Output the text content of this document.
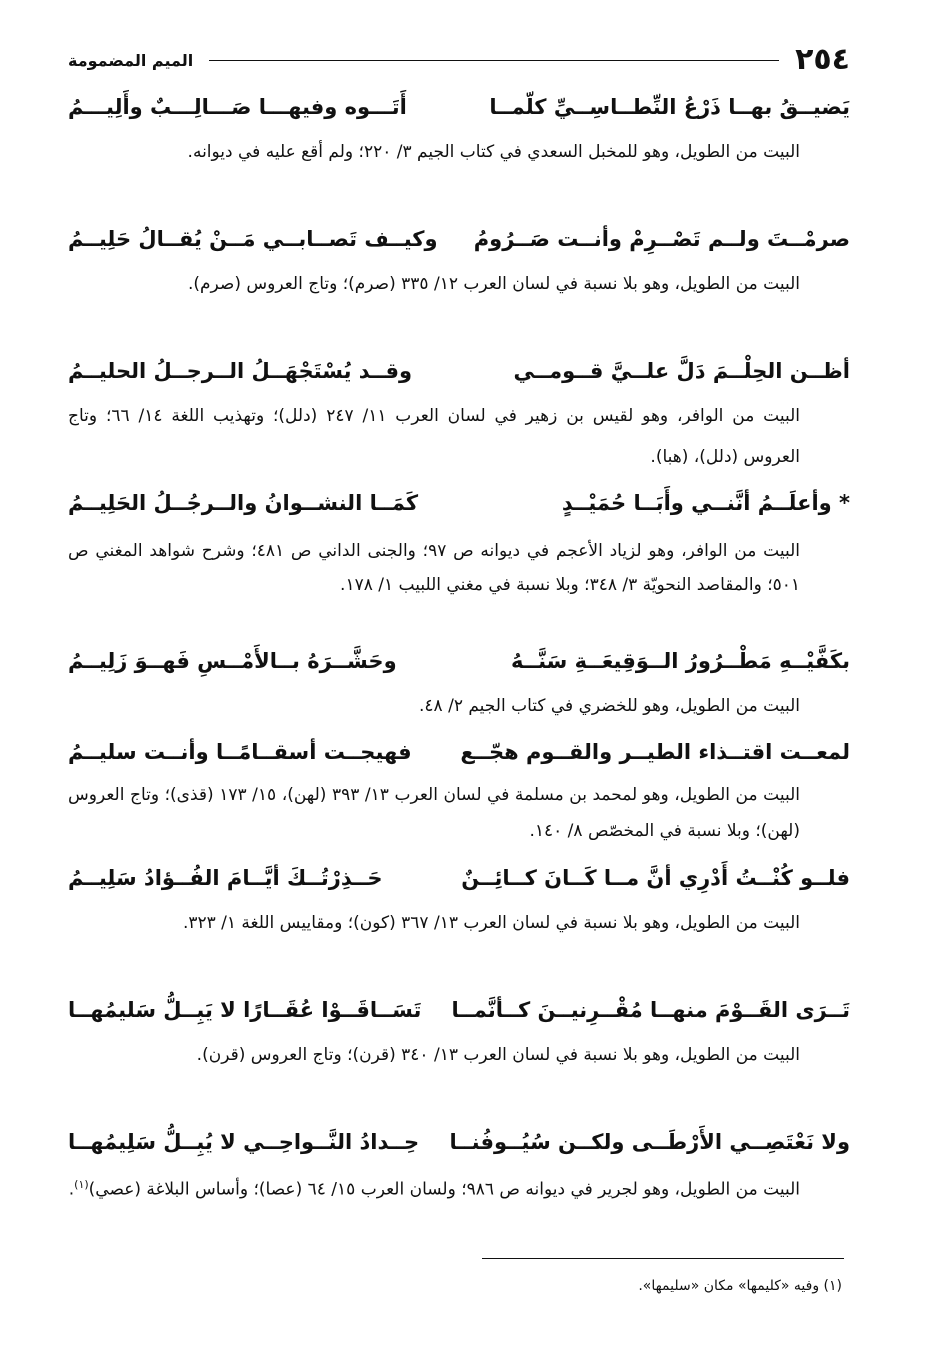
٢٥٤
الميم المضمومة
يَضيــقُ بهــا ذَرْعُ النِّطــاسِــيِّ كلّمــا
أَتَـــوه وفيهـــا صَـــالِـــبٌ وأَلِيـــمُ

البيت من الطويل، وهو للمخبل السعدي في كتاب الجيم ٣/ ٢٢٠؛ ولم أقع عليه في ديوانه.

صرمْــتَ ولــم تَصْــرِمْ وأنــت صَــرُومُ
وكيــف تَصــابــي مَــنْ يُقــالُ حَلِيــمُ

البيت من الطويل، وهو بلا نسبة في لسان العرب ١٢/ ٣٣٥ (صرم)؛ وتاج العروس (صرم).

أظــن الحِلْــمَ دَلَّ علــيَّ قــومــي
وقــد يُسْتَجْهَــلُ الــرجــلُ الحليــمُ

البيت من الوافر، وهو لقيس بن زهير في لسان العرب ١١/ ٢٤٧ (دلل)؛ وتهذيب اللغة ١٤/ ٦٦؛ وتاج العروس (دلل)، (هبا).

* وأعلَــمُ أنَّنــي وأَبَــا حُمَيْــدٍ
كَمَــا النشــوانُ والــرجُــلُ الحَلِيــمُ

البيت من الوافر، وهو لزياد الأعجم في ديوانه ص ٩٧؛ والجنى الداني ص ٤٨١؛ وشرح شواهد المغني ص ٥٠١؛ والمقاصد النحويّة ٣/ ٣٤٨؛ وبلا نسبة في مغني اللبيب ١/ ١٧٨.

بكَفَّيْــهِ مَطْــرُورُ الــوَقِيعَــةِ سَنَّــهُ
وحَشَّــرَهُ بــالأَمْــسِ فَهــوَ زَلِيــمُ

البيت من الطويل، وهو للخضري في كتاب الجيم ٢/ ٤٨.

لمعــت اقتــذاء الطيــر والقــوم هجّــع
فهيجــت أسقــامًــا وأنــت سليــمُ

البيت من الطويل، وهو لمحمد بن مسلمة في لسان العرب ١٣/ ٣٩٣ (لهن)، ١٥/ ١٧٣ (قذى)؛ وتاج العروس (لهن)؛ وبلا نسبة في المخصّص ٨/ ١٤٠.

فلــو كُنْــتُ أَدْرِي أنَّ مــا كَــانَ كــائِــنٌ
حَــذِرْتُــكَ أيَّــامَ الفُــؤادُ سَلِيــمُ

البيت من الطويل، وهو بلا نسبة في لسان العرب ١٣/ ٣٦٧ (كون)؛ ومقاييس اللغة ١/ ٣٢٣.

تَــرَى القَــوْمَ منهــا مُقْــرِنيــنَ كــأنَّمــا
تَسَــاقَــوْا عُقَــارًا لا يَبِــلُّ سَليمُهــا

البيت من الطويل، وهو بلا نسبة في لسان العرب ١٣/ ٣٤٠ (قرن)؛ وتاج العروس (قرن).

ولا نَعْتَصِــي الأَرْطَــى ولكــن سُيُــوفُنــا
حِــدادُ النَّــواحِــي لا يُبِــلُّ سَلِيمُهــا

البيت من الطويل، وهو لجرير في ديوانه ص ٩٨٦؛ ولسان العرب ١٥/ ٦٤ (عصا)؛ وأساس البلاغة (عصي)$^{(١)}$.

(١) وفيه «كليمها» مكان «سليمها».
